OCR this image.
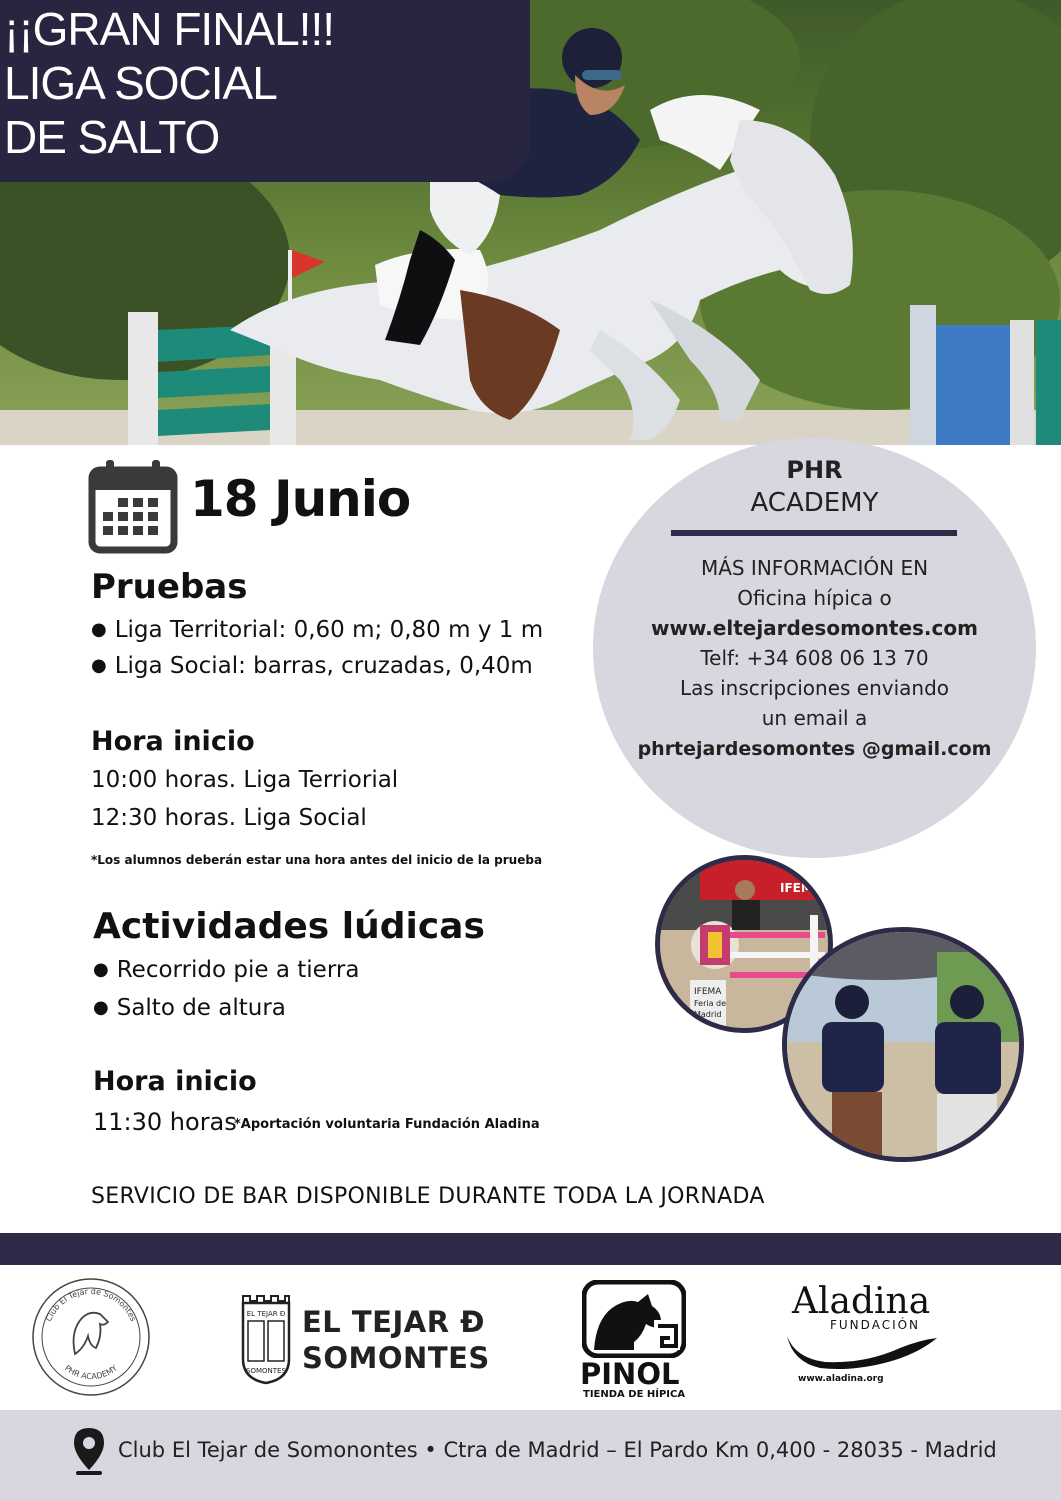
¡¡GRAN FINAL!!!
LIGA SOCIAL
DE SALTO
18 Junio
Pruebas
● Liga Territorial: 0,60 m; 0,80 m y 1 m
● Liga Social: barras, cruzadas, 0,40m
Hora inicio
10:00 horas. Liga Terriorial
12:30 horas. Liga Social
*Los alumnos deberán estar una hora antes del inicio de la prueba
Actividades lúdicas
● Recorrido pie a tierra
● Salto de altura
Hora inicio
11:30 horas
*Aportación voluntaria Fundación Aladina
PHR
ACADEMY
MÁS INFORMACIÓN EN
Oficina hípica o
www.eltejardesomontes.com
Telf: +34 608 06 13 70
Las inscripciones enviando
un email a
phrtejardesomontes @gmail.com
IFEMA
IFEMA
Feria de
Madrid
SERVICIO DE BAR DISPONIBLE DURANTE TODA LA JORNADA
Club El Tejar de Somontes
PHR ACADEMY
EL TEJAR Ð
SOMONTES
EL TEJAR Ð
SOMONTES	PINOL
TIENDA DE HÍPICA
Aladina
FUNDACIÓN
www.aladina.org
Club El Tejar de Somonontes • Ctra de Madrid – El Pardo Km 0,400 - 28035 - Madrid
